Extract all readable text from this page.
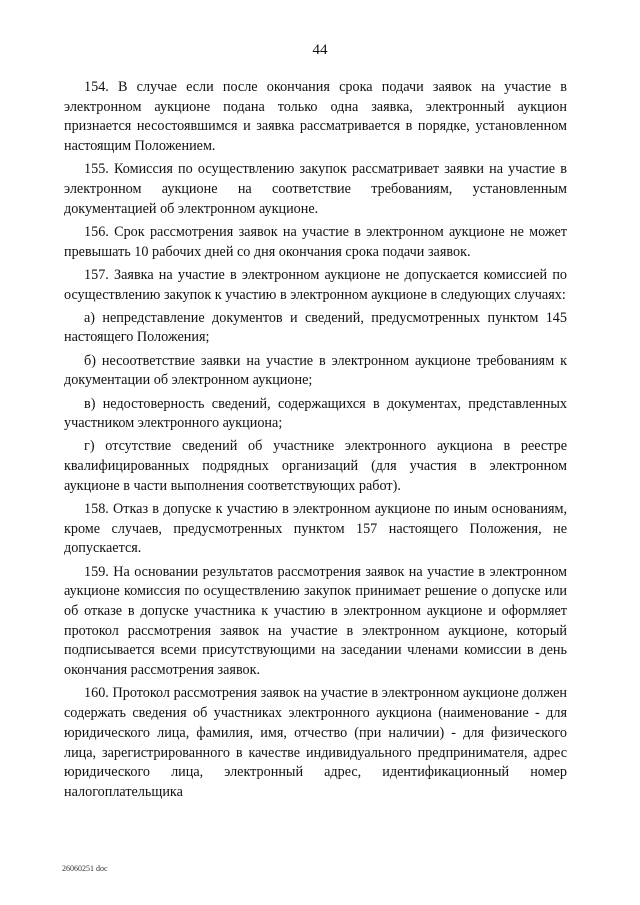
44

154. В случае если после окончания срока подачи заявок на участие в электронном аукционе подана только одна заявка, электронный аукцион признается несостоявшимся и заявка рассматривается в порядке, установленном настоящим Положением.

155. Комиссия по осуществлению закупок рассматривает заявки на участие в электронном аукционе на соответствие требованиям, установленным документацией об электронном аукционе.

156. Срок рассмотрения заявок на участие в электронном аукционе не может превышать 10 рабочих дней со дня окончания срока подачи заявок.

157. Заявка на участие в электронном аукционе не допускается комиссией по осуществлению закупок к участию в электронном аукционе в следующих случаях:

а) непредставление документов и сведений, предусмотренных пунктом 145 настоящего Положения;

б) несоответствие заявки на участие в электронном аукционе требованиям к документации об электронном аукционе;

в) недостоверность сведений, содержащихся в документах, представленных участником электронного аукциона;

г) отсутствие сведений об участнике электронного аукциона в реестре квалифицированных подрядных организаций (для участия в электронном аукционе в части выполнения соответствующих работ).

158. Отказ в допуске к участию в электронном аукционе по иным основаниям, кроме случаев, предусмотренных пунктом 157 настоящего Положения, не допускается.

159. На основании результатов рассмотрения заявок на участие в электронном аукционе комиссия по осуществлению закупок принимает решение о допуске или об отказе в допуске участника к участию в электронном аукционе и оформляет протокол рассмотрения заявок на участие в электронном аукционе, который подписывается всеми присутствующими на заседании членами комиссии в день окончания рассмотрения заявок.

160. Протокол рассмотрения заявок на участие в электронном аукционе должен содержать сведения об участниках электронного аукциона (наименование - для юридического лица, фамилия, имя, отчество (при наличии) - для физического лица, зарегистрированного в качестве индивидуального предпринимателя, адрес юридического лица, электронный адрес, идентификационный номер налогоплательщика

26060251 doc
